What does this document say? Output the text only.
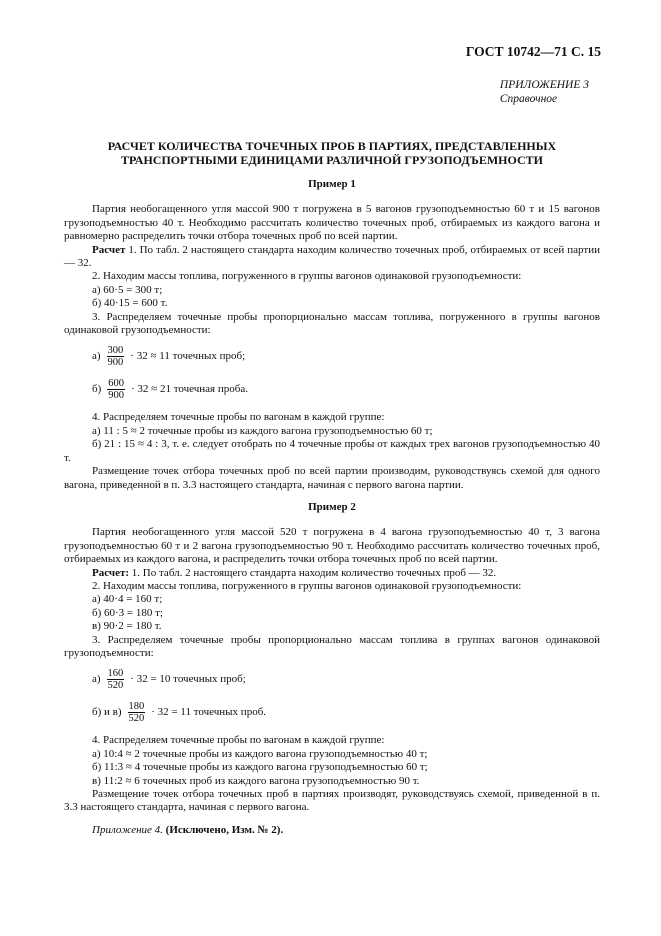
ГОСТ 10742—71 С. 15
ПРИЛОЖЕНИЕ 3
Справочное
РАСЧЕТ КОЛИЧЕСТВА ТОЧЕЧНЫХ ПРОБ В ПАРТИЯХ, ПРЕДСТАВЛЕННЫХ
ТРАНСПОРТНЫМИ ЕДИНИЦАМИ РАЗЛИЧНОЙ ГРУЗОПОДЪЕМНОСТИ
Пример 1

Партия необогащенного угля массой 900 т погружена в 5 вагонов грузоподъемностью 60 т и 15 вагонов грузоподъемностью 40 т. Необходимо рассчитать количество точечных проб, отбираемых из каждого вагона и равномерно распределить точки отбора точечных проб по всей партии.

Расчет 1. По табл. 2 настоящего стандарта находим количество точечных проб, отбираемых от всей партии — 32.

2. Находим массы топлива, погруженного в группы вагонов одинаковой грузоподъемности:

а) 60·5 = 300 т;

б) 40·15 = 600 т.

3. Распределяем точечные пробы пропорционально массам топлива, погруженного в группы вагонов одинаковой грузоподъемности:

$а) \frac{300}{900} \cdot 32 \approx 11$ точечных проб;
$б) \frac{600}{900} \cdot 32 \approx 21$ точечная проба.

4. Распределяем точечные пробы по вагонам в каждой группе:

а) 11 : 5 ≈ 2 точечные пробы из каждого вагона грузоподъемностью 60 т;

б) 21 : 15 ≈ 4 : 3, т. е. следует отобрать по 4 точечные пробы от каждых трех вагонов грузоподъемностью 40 т.

Размещение точек отбора точечных проб по всей партии производим, руководствуясь схемой для одного вагона, приведенной в п. 3.3 настоящего стандарта, начиная с первого вагона партии.

Пример 2

Партия необогащенного угля массой 520 т погружена в 4 вагона грузоподъемностью 40 т, 3 вагона грузоподъемностью 60 т и 2 вагона грузоподъемностью 90 т. Необходимо рассчитать количество точечных проб, отбираемых из каждого вагона, и распределить точки отбора точечных проб по всей партии.

Расчет: 1. По табл. 2 настоящего стандарта находим количество точечных проб — 32.

2. Находим массы топлива, погруженного в группы вагонов одинаковой грузоподъемности:

а) 40·4 = 160 т;

б) 60·3 = 180 т;

в) 90·2 = 180 т.

3. Распределяем точечные пробы пропорционально массам топлива в группах вагонов одинаковой грузоподъемности:

$а) \frac{160}{520} \cdot 32 = 10$ точечных проб;
б) и $в) \frac{180}{520} \cdot 32 = 11$ точечных проб.

4. Распределяем точечные пробы по вагонам в каждой группе:

а) 10:4 ≈ 2 точечные пробы из каждого вагона грузоподъемностью 40 т;

б) 11:3 ≈ 4 точечные пробы из каждого вагона грузоподъемностью 60 т;

в) 11:2 ≈ 6 точечных проб из каждого вагона грузоподъемностью 90 т.

Размещение точек отбора точечных проб в партиях производят, руководствуясь схемой, приведенной в п. 3.3 настоящего стандарта, начиная с первого вагона.

Приложение 4. (Исключено, Изм. № 2).
